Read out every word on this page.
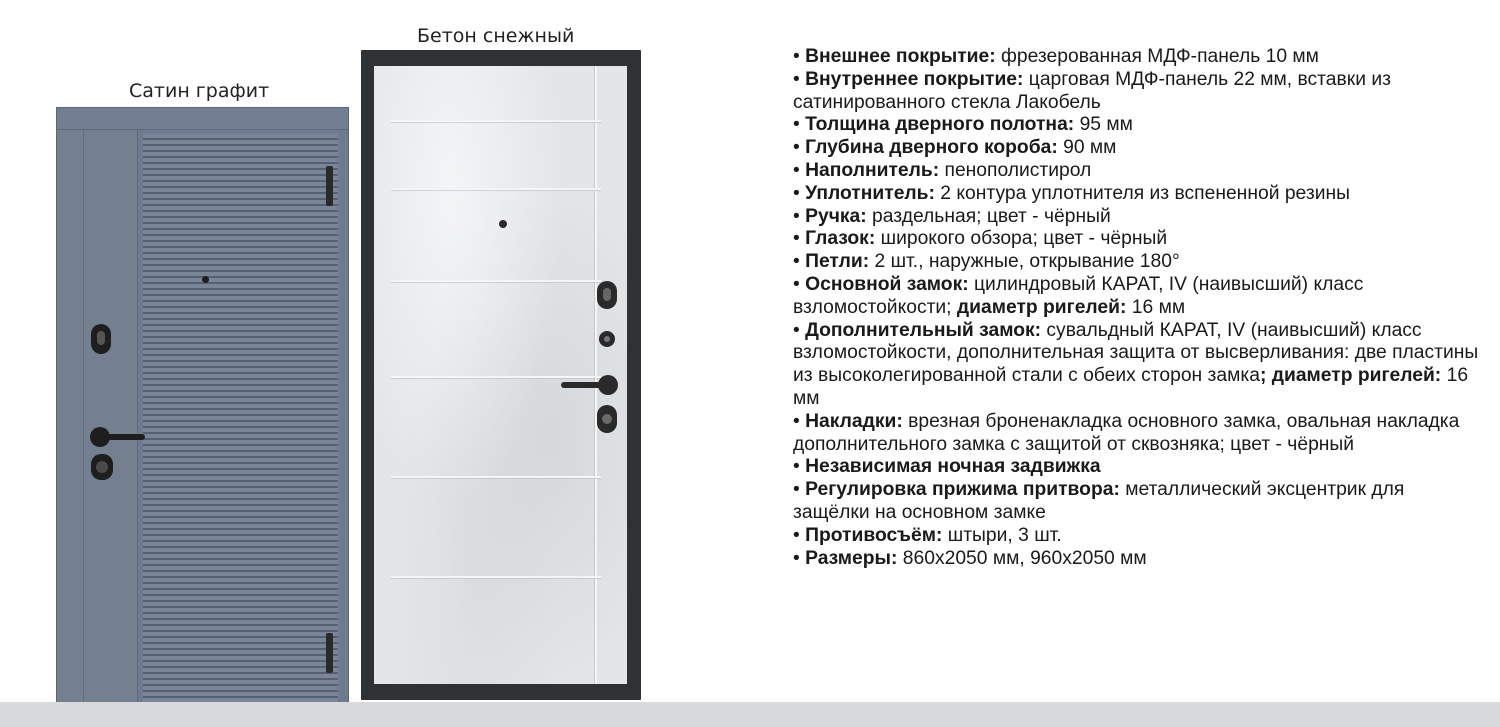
Сатин графит
Бетон снежный

• Внешнее покрытие: фрезерованная МДФ-панель 10 мм

• Внутреннее покрытие: царговая МДФ-панель 22 мм, вставки из сатинированного стекла Лакобель

• Толщина дверного полотна: 95 мм

• Глубина дверного короба: 90 мм

• Наполнитель: пенополистирол

• Уплотнитель: 2 контура уплотнителя из вспененной резины

• Ручка: раздельная; цвет - чёрный

• Глазок: широкого обзора; цвет - чёрный

• Петли: 2 шт., наружные, открывание 180°

• Основной замок: цилиндровый КАРАТ, IV (наивысший) класс взломостойкости; диаметр ригелей: 16 мм

• Дополнительный замок: сувальдный КАРАТ, IV (наивысший) класс взломостойкости, дополнительная защита от высверливания: две пластины из высоколегированной стали с обеих сторон замка; диаметр ригелей: 16 мм

• Накладки: врезная броненакладка основного замка, овальная накладка дополнительного замка с защитой от сквозняка; цвет - чёрный

• Независимая ночная задвижка

• Регулировка прижима притвора: металлический эксцентрик для защёлки на основном замке

• Противосъём: штыри, 3 шт.

• Размеры: 860х2050 мм, 960х2050 мм
